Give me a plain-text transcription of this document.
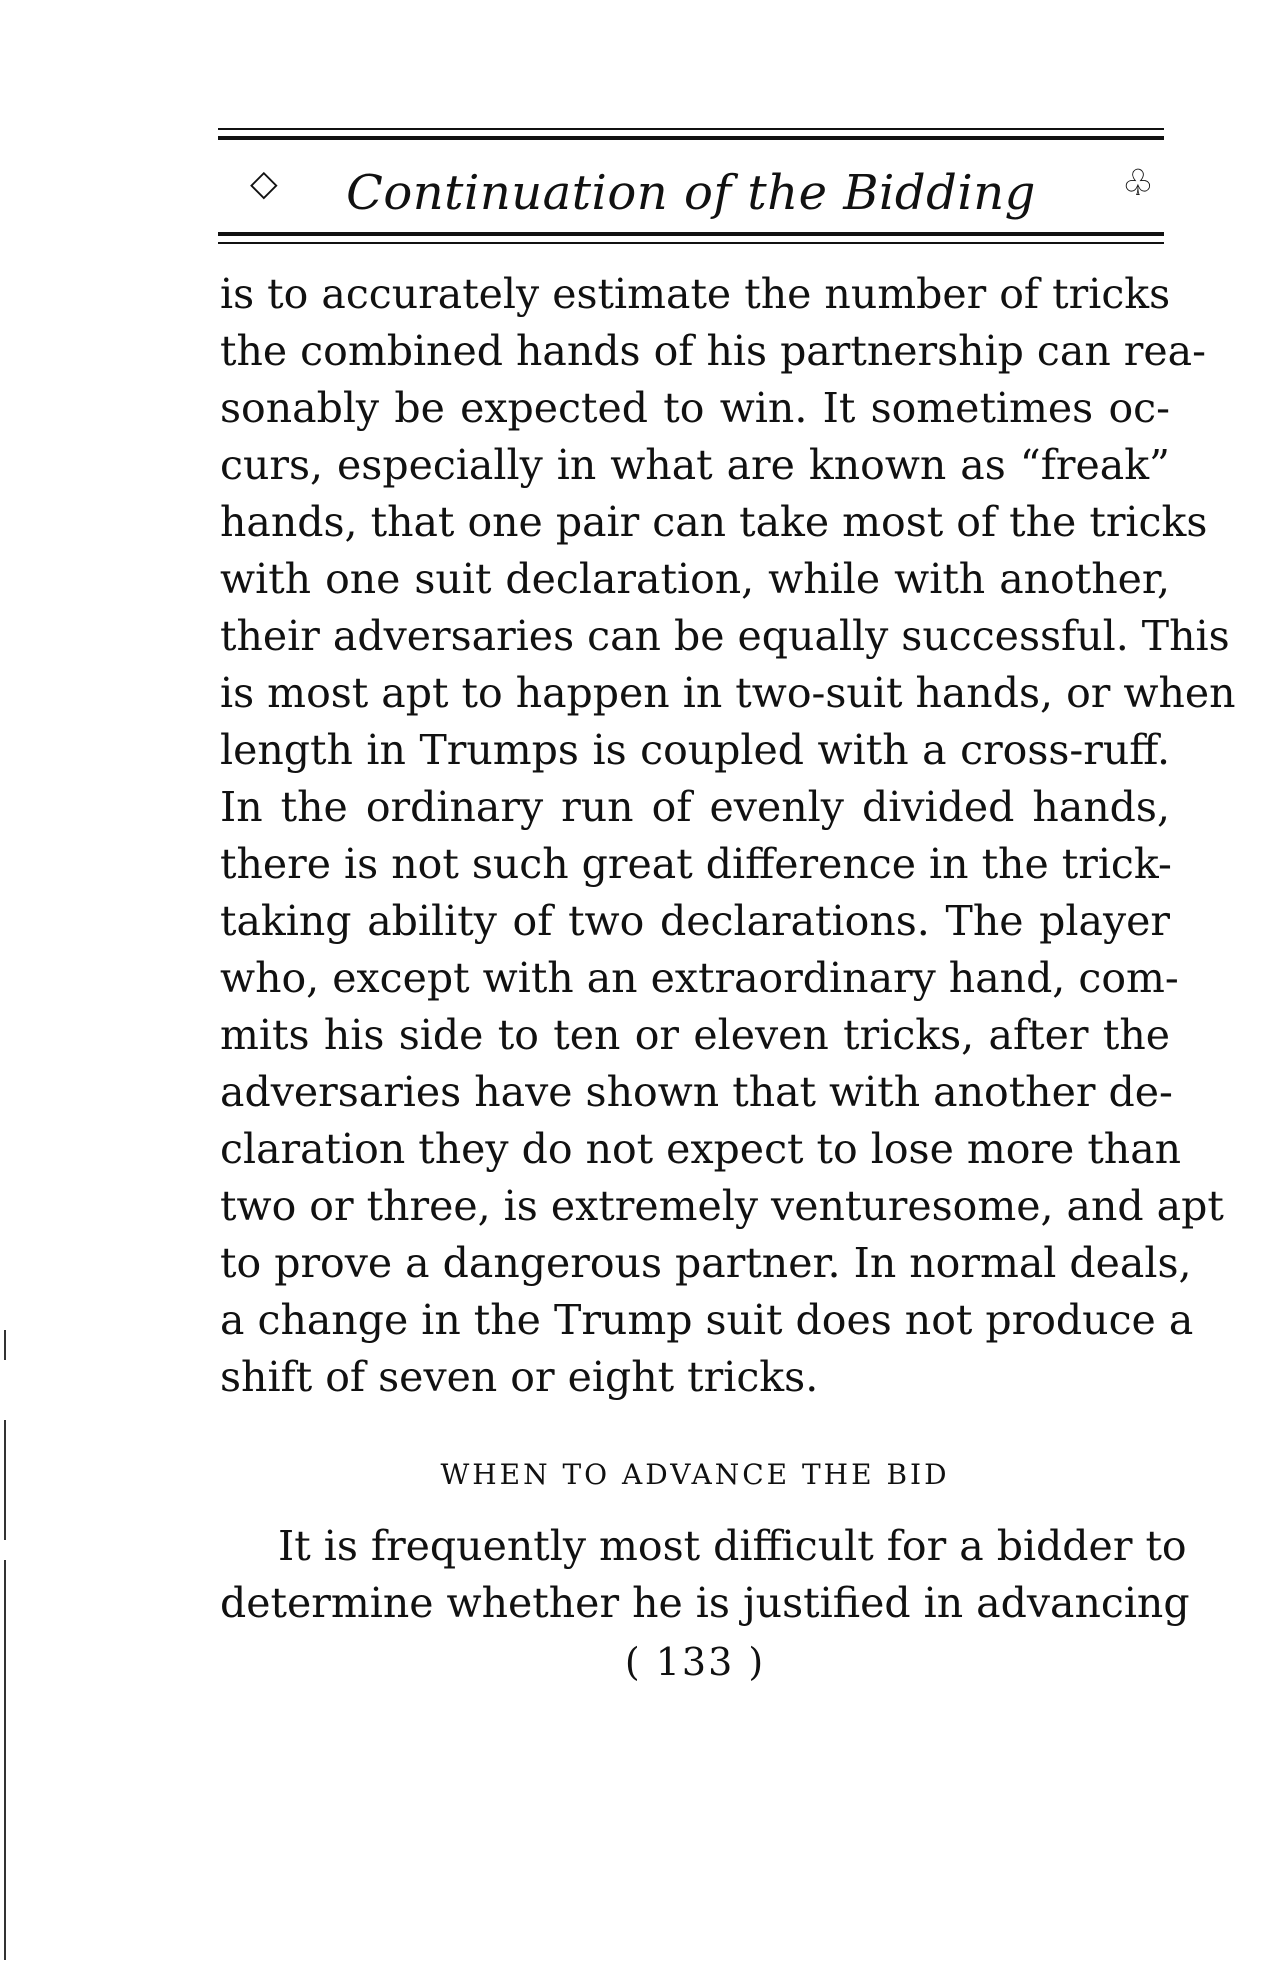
◇	Continuation of the Bidding	♧
is to accurately estimate the number of tricks
the combined hands of his partnership can rea-
sonably be expected to win. It sometimes oc-
curs, especially in what are known as “freak”
hands, that one pair can take most of the tricks
with one suit declaration, while with another,
their adversaries can be equally successful. This
is most apt to happen in two-suit hands, or when
length in Trumps is coupled with a cross-ruff.
In the ordinary run of evenly divided hands,
there is not such great difference in the trick-
taking ability of two declarations. The player
who, except with an extraordinary hand, com-
mits his side to ten or eleven tricks, after the
adversaries have shown that with another de-
claration they do not expect to lose more than
two or three, is extremely venturesome, and apt
to prove a dangerous partner. In normal deals,
a change in the Trump suit does not produce a
shift of seven or eight tricks.
WHEN TO ADVANCE THE BID
It is frequently most difficult for a bidder to
determine whether he is justified in advancing
( 133 )
